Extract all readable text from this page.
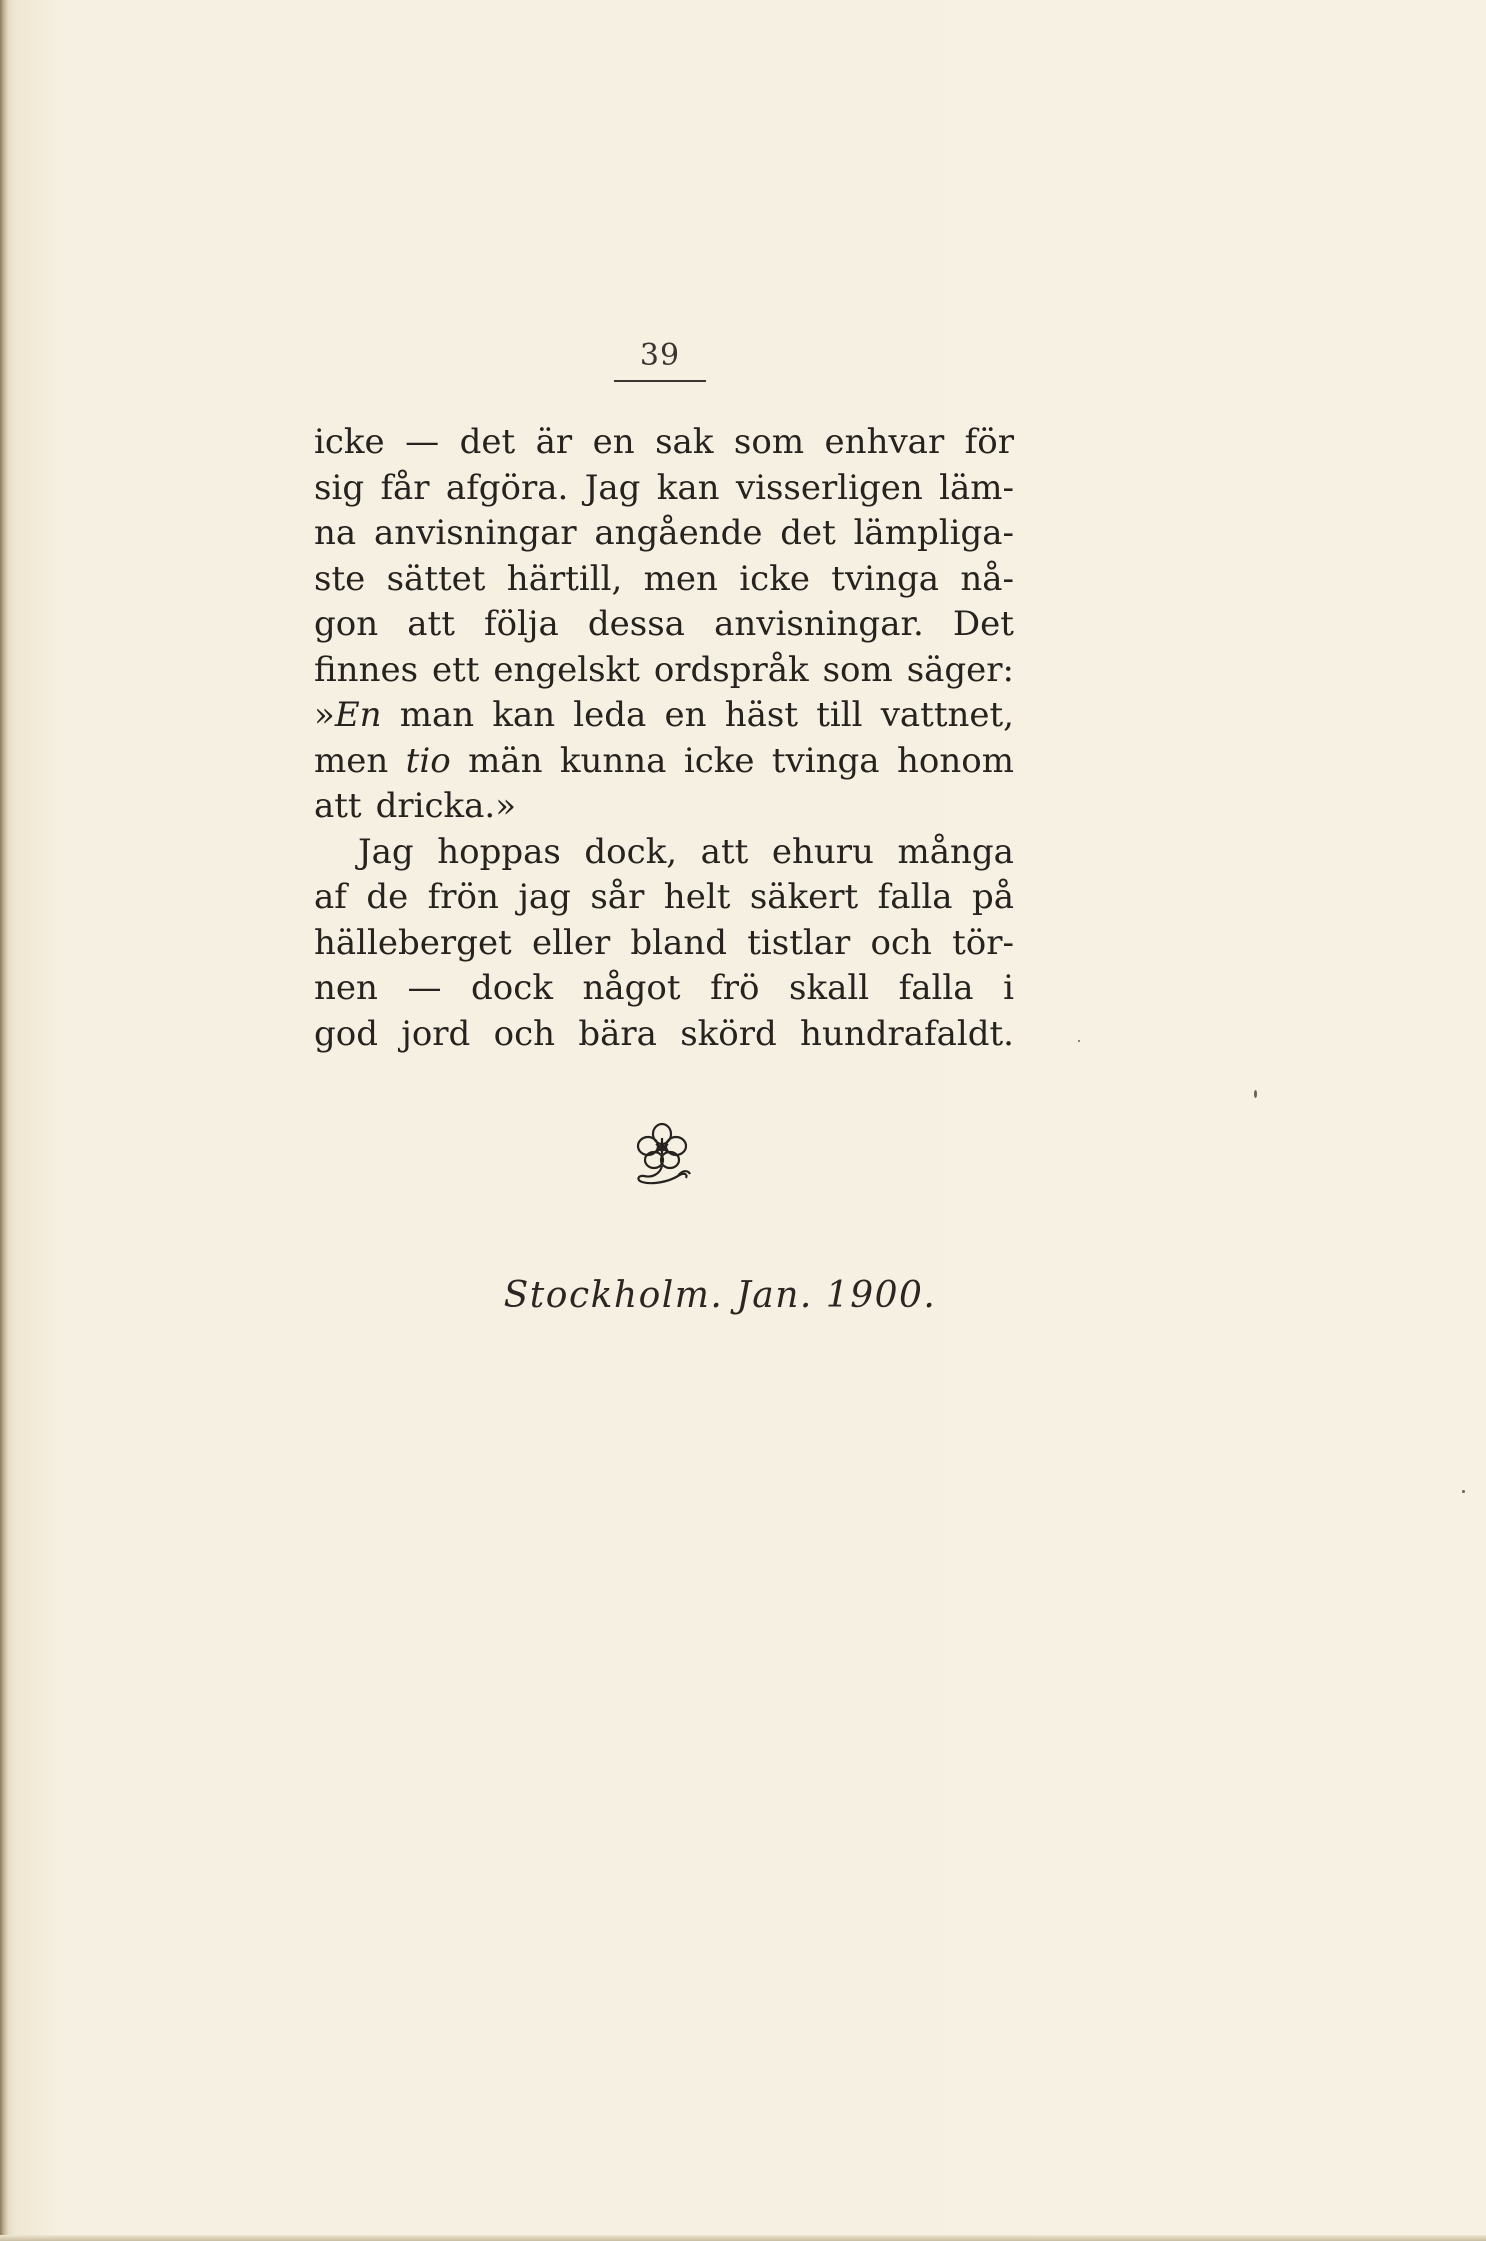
39
icke — det är en sak som enhvar för
sig får afgöra. Jag kan visserligen läm-
na anvisningar angående det lämpliga-
ste sättet härtill, men icke tvinga nå-
gon att följa dessa anvisningar. Det
finnes ett engelskt ordspråk som säger:
»En man kan leda en häst till vattnet,
men tio män kunna icke tvinga honom
att dricka.»
Jag hoppas dock, att ehuru många
af de frön jag sår helt säkert falla på
hälleberget eller bland tistlar och tör-
nen — dock något frö skall falla i
god jord och bära skörd hundrafaldt.
Stockholm. Jan. 1900.
